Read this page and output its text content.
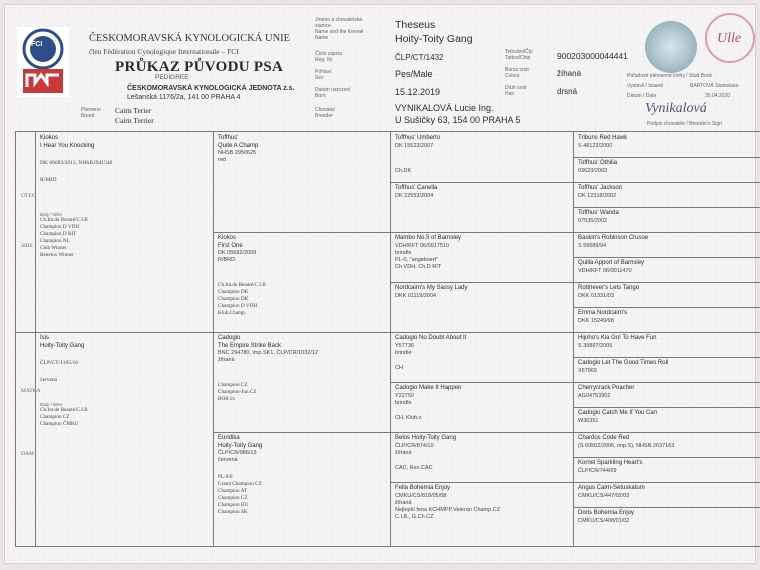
FCI
ČESKOMORAVSKÁ KYNOLOGICKÁ UNIE
člen Fédération Cynologique Internationale – FCI
PRŮKAZ PŮVODU PSA
PEDIGREE
ČESKOMORAVSKÁ KYNOLOGICKÁ JEDNOTA z.s.
Lešanská 1176/2a, 141 00 PRAHA 4
Plemeno
Breed
Cairn Terier
Cairn Terrier
Jméno a chovatelská stanice
Name and the Kennel Name
Theseus
Hoity-Toity Gang
Číslo zápisu
Reg. Nr.	ČLP/CT/1432
Pohlaví
Sex	Pes/Male
Datum narození
Born	15.12.2019
Chovatel
Breeder
VYNIKALOVÁ Lucie Ing.
U Sušičky 63, 154 00 PRAHA 5
Tetování/Čip
Tattoo/Chip	900203000044441
Barva srsti
Colour	žíhaná
Druh srsti
Hair	drsná
Ulle
Pořadové plemenné knihy / Stud Book
Vystavil / Issued	BARTOVÁ Stanislava
Datum / Date	30.04.2020
Vynikalová
Podpis chovatele / Breeder's Sign
OTEC
SIRE
MATKA
DAM
Kiokos
I Hear You Knocking
DK 06693/2013, NHSB2941546
R/BRD
tituly / titles
Ch.Int.de Beauté/C.I.B
Champion D VDH
Champion D RIT
Champion NL
Club Winner
Benelux Winner
Isis
Hoity-Toity Gang
ČLP/CT/1165/16
červená
tituly / titles
Ch.Int.de Beauté/C.I.B
Champion CZ
Champion ČMKU
Toffhus'
Quite A Champ
NHSB 2950625
red
Kiokos
First One
DK 05692/2009
R/BRD
Ch.Int.de Beauté/C.I.B
Champion DK
Champion DK
Champion D VDH
Klub.Champ.
Cadogio
The Empire Strike Back
BNC 294780, imp.SK1, ČLP/CR/1032/12
žíhaná
Champion CZ
Champion-Jun.CZ
BOB 2x
Euridika
Hoity-Toity Gang
ČLP/CR/986/13
červená
PL-0/0
Grand Champion CZ
Champion AT
Champion CZ
Champion HU
Champion SK
Toffhus' Umberto
DK 15523/2007
Ch.DK
Toffhus' Canella
DK 22553/2004
Mambo No.5 of Barnsley
VDH/KFT 06/0017510
brindle
PL-0, "angekoert"
Ch.VDH, Ch.D RIT
Nordcairn's My Sassy Lady
DKK 01119/2004
Cadogio No Doubt About It
Y57736
brindle
CH
Cadogio Make It Happen
Y22750
brindle
CH. Klub.v.
Belos Hoity-Toity Gang
ČLP/CR/874/10
žíhaná
CAC, Res.CAC
Fella Bohemia Enjoy
CMKU/CS/818/05/08
žíhaná
Nejlepší fena KCHMPP.Veterán Champ.CZ
C.I.B., G.Ch.CZ
Tribuns Red Hawk
S 48123/2000
Toffhus' Othilia
03623/2003
Toffhus' Jackson
DK 12318/2002
Toffhus' Wanda
07535/2002
Baskin's Robinson Crusoe
S 59689/94
Quilla Apport of Barnsley
VDH/KFT 06/0011470
Rottriever's Lets Tango
DKK 01331/03
Emma Nordcairn's
DKK 15249/98
Hijoho's Kia Go! To Have Fun
S 39897/2005
Cadogio Let The Good Times Roll
X67969
Cherrycrack Poacher
AG04753902
Cadogio Catch Me If You Can
W36351
Chardos Code Red
(S 60502/2006, imp.S), NHSB 2637163
Kornel Sparkling Heart's
ČLP/CR/744/09
Angus Cairn-Setuskatum
CMKU/CS/447/02/03
Doris Bohemia Enjoy
CMKU/CS/408/01/02
